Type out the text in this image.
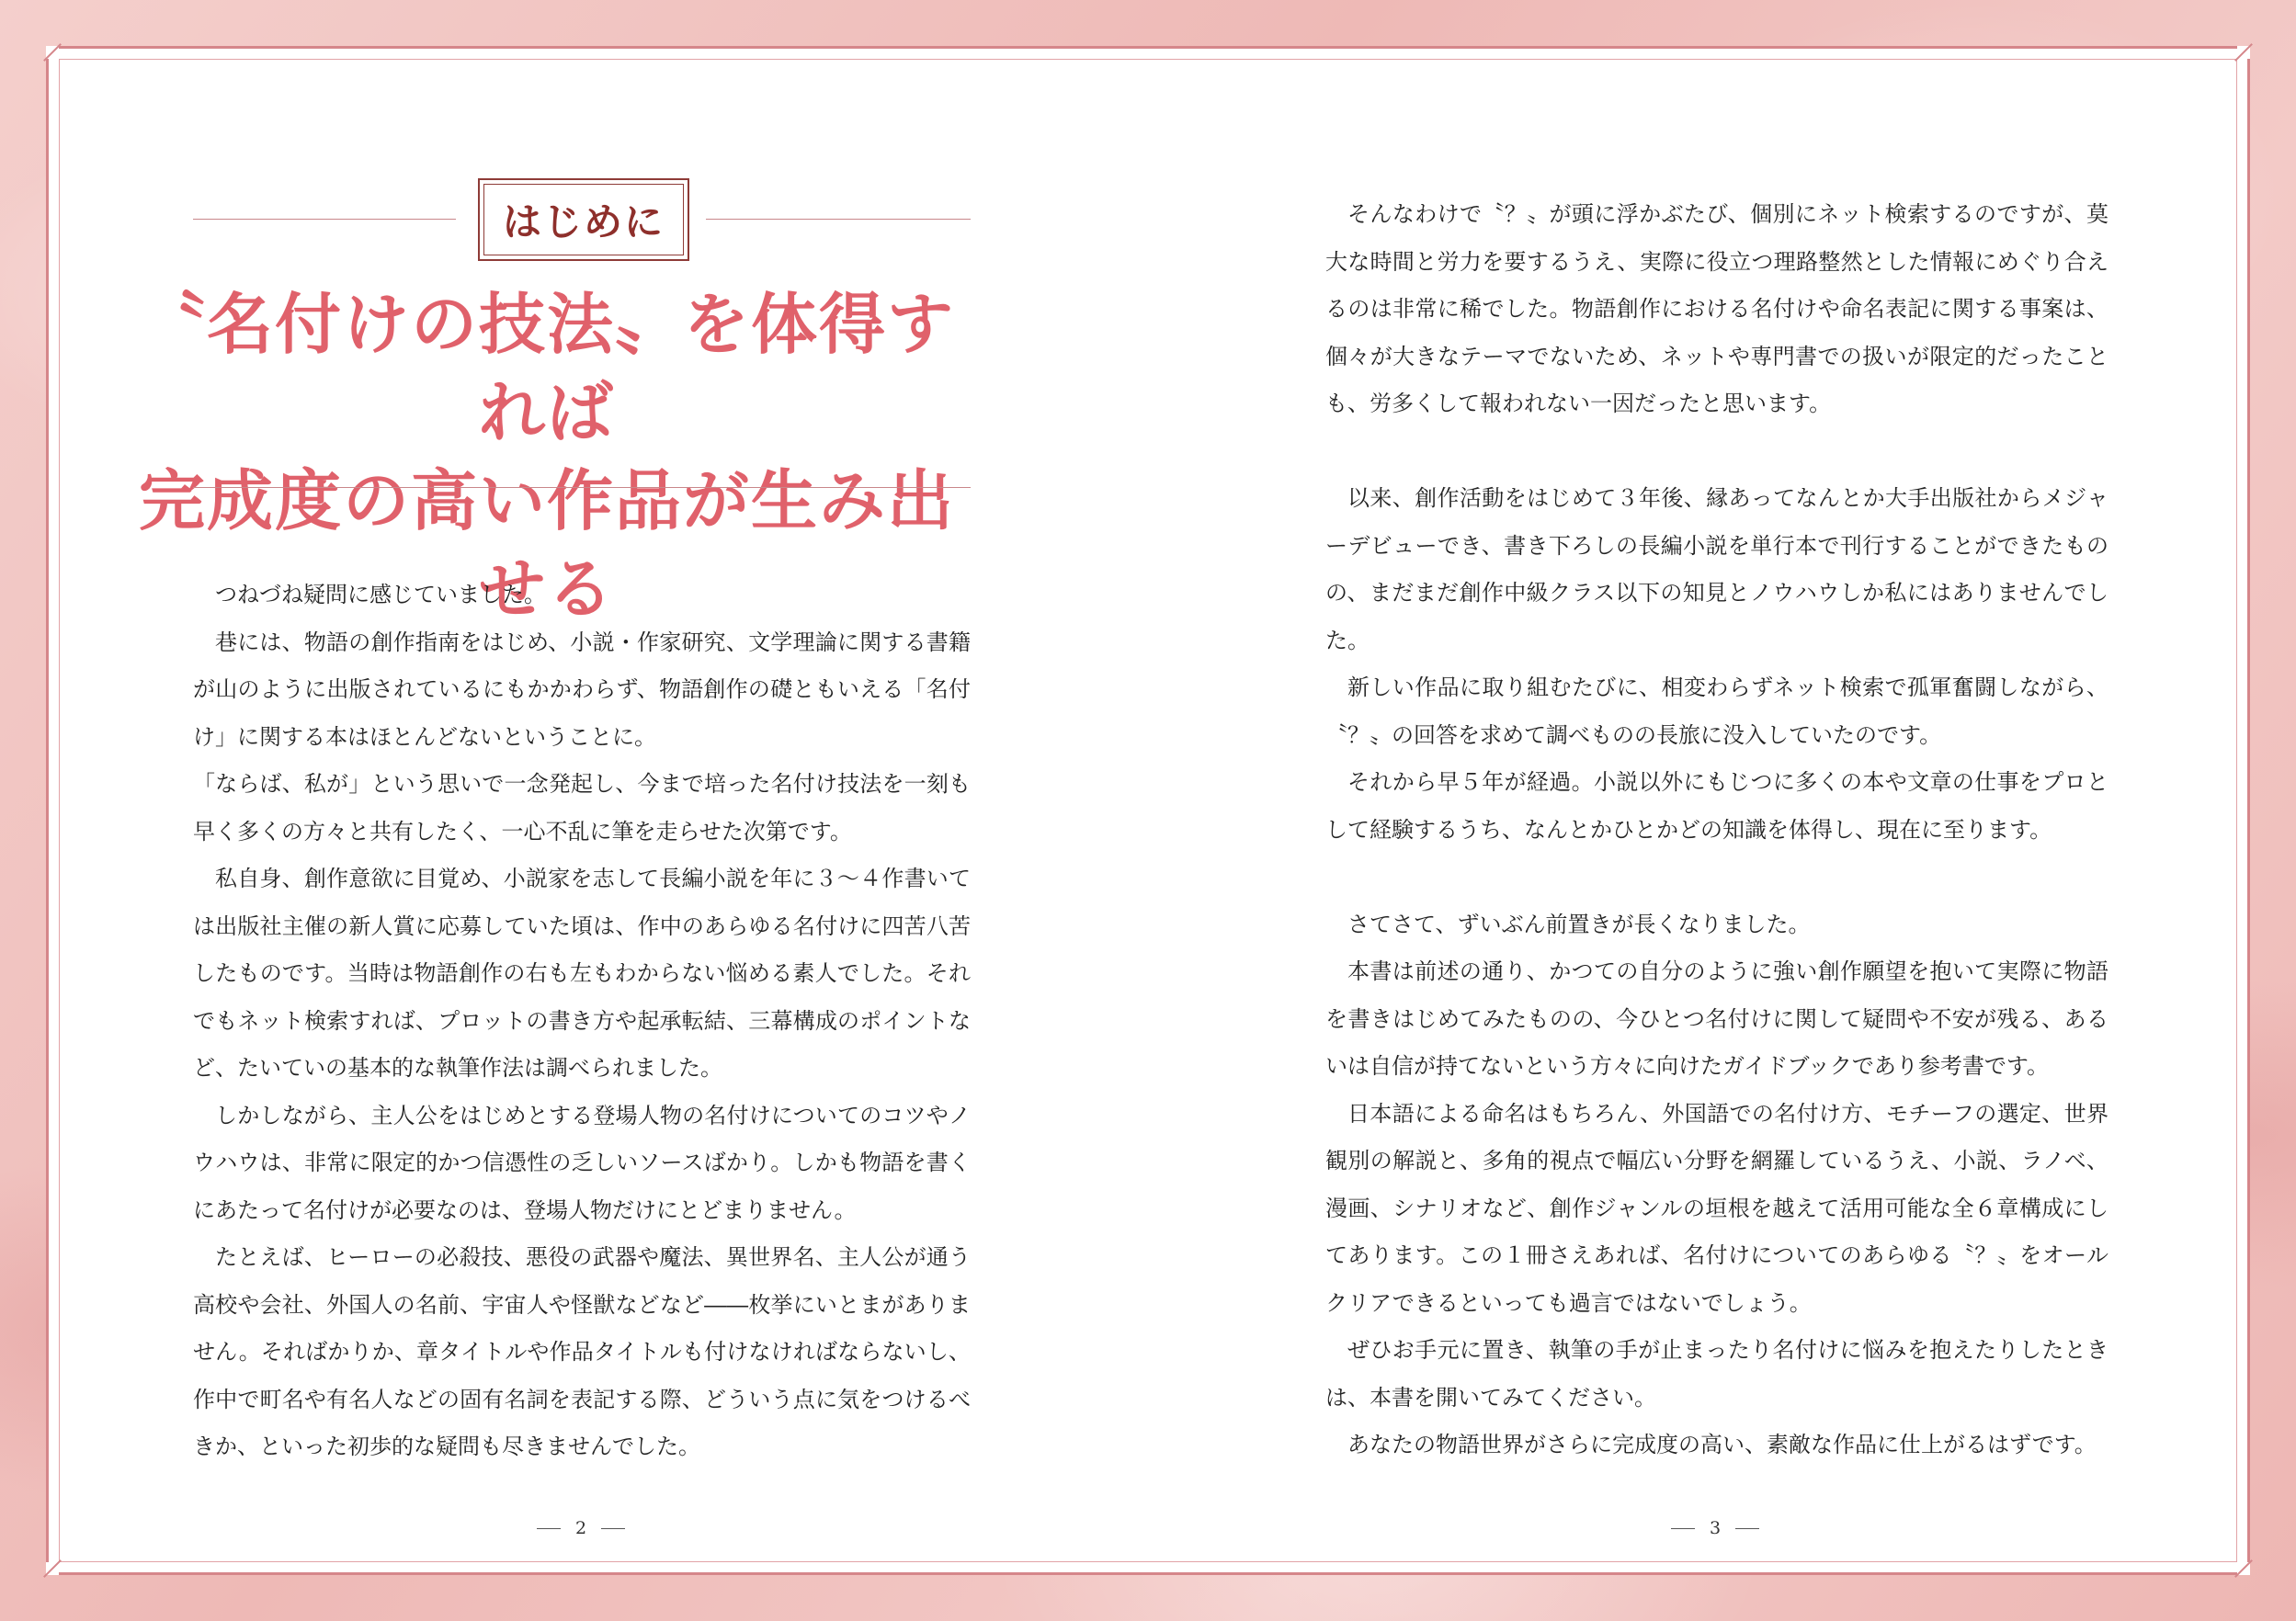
はじめに
〝名付けの技法〟を体得すれば
完成度の高い作品が生み出せる

つねづね疑問に感じていました。

巷には、物語の創作指南をはじめ、小説・作家研究、文学理論に関する書籍が山のように出版されているにもかかわらず、物語創作の礎ともいえる「名付け」に関する本はほとんどないということに。

「ならば、私が」という思いで一念発起し、今まで培った名付け技法を一刻も早く多くの方々と共有したく、一心不乱に筆を走らせた次第です。

私自身、創作意欲に目覚め、小説家を志して長編小説を年に３～４作書いては出版社主催の新人賞に応募していた頃は、作中のあらゆる名付けに四苦八苦したものです。当時は物語創作の右も左もわからない悩める素人でした。それでもネット検索すれば、プロットの書き方や起承転結、三幕構成のポイントなど、たいていの基本的な執筆作法は調べられました。

しかしながら、主人公をはじめとする登場人物の名付けについてのコツやノウハウは、非常に限定的かつ信憑性の乏しいソースばかり。しかも物語を書くにあたって名付けが必要なのは、登場人物だけにとどまりません。

たとえば、ヒーローの必殺技、悪役の武器や魔法、異世界名、主人公が通う高校や会社、外国人の名前、宇宙人や怪獣などなど――枚挙にいとまがありません。そればかりか、章タイトルや作品タイトルも付けなければならないし、作中で町名や有名人などの固有名詞を表記する際、どういう点に気をつけるべきか、といった初歩的な疑問も尽きませんでした。

そんなわけで〝？〟が頭に浮かぶたび、個別にネット検索するのですが、莫大な時間と労力を要するうえ、実際に役立つ理路整然とした情報にめぐり合えるのは非常に稀でした。物語創作における名付けや命名表記に関する事案は、個々が大きなテーマでないため、ネットや専門書での扱いが限定的だったことも、労多くして報われない一因だったと思います。

以来、創作活動をはじめて３年後、縁あってなんとか大手出版社からメジャーデビューでき、書き下ろしの長編小説を単行本で刊行することができたものの、まだまだ創作中級クラス以下の知見とノウハウしか私にはありませんでした。

新しい作品に取り組むたびに、相変わらずネット検索で孤軍奮闘しながら、〝？〟の回答を求めて調べものの長旅に没入していたのです。

それから早５年が経過。小説以外にもじつに多くの本や文章の仕事をプロとして経験するうち、なんとかひとかどの知識を体得し、現在に至ります。

さてさて、ずいぶん前置きが長くなりました。

本書は前述の通り、かつての自分のように強い創作願望を抱いて実際に物語を書きはじめてみたものの、今ひとつ名付けに関して疑問や不安が残る、あるいは自信が持てないという方々に向けたガイドブックであり参考書です。

日本語による命名はもちろん、外国語での名付け方、モチーフの選定、世界観別の解説と、多角的視点で幅広い分野を網羅しているうえ、小説、ラノベ、漫画、シナリオなど、創作ジャンルの垣根を越えて活用可能な全６章構成にしてあります。この１冊さえあれば、名付けについてのあらゆる〝？〟をオールクリアできるといっても過言ではないでしょう。

ぜひお手元に置き、執筆の手が止まったり名付けに悩みを抱えたりしたときは、本書を開いてみてください。

あなたの物語世界がさらに完成度の高い、素敵な作品に仕上がるはずです。

2	3
